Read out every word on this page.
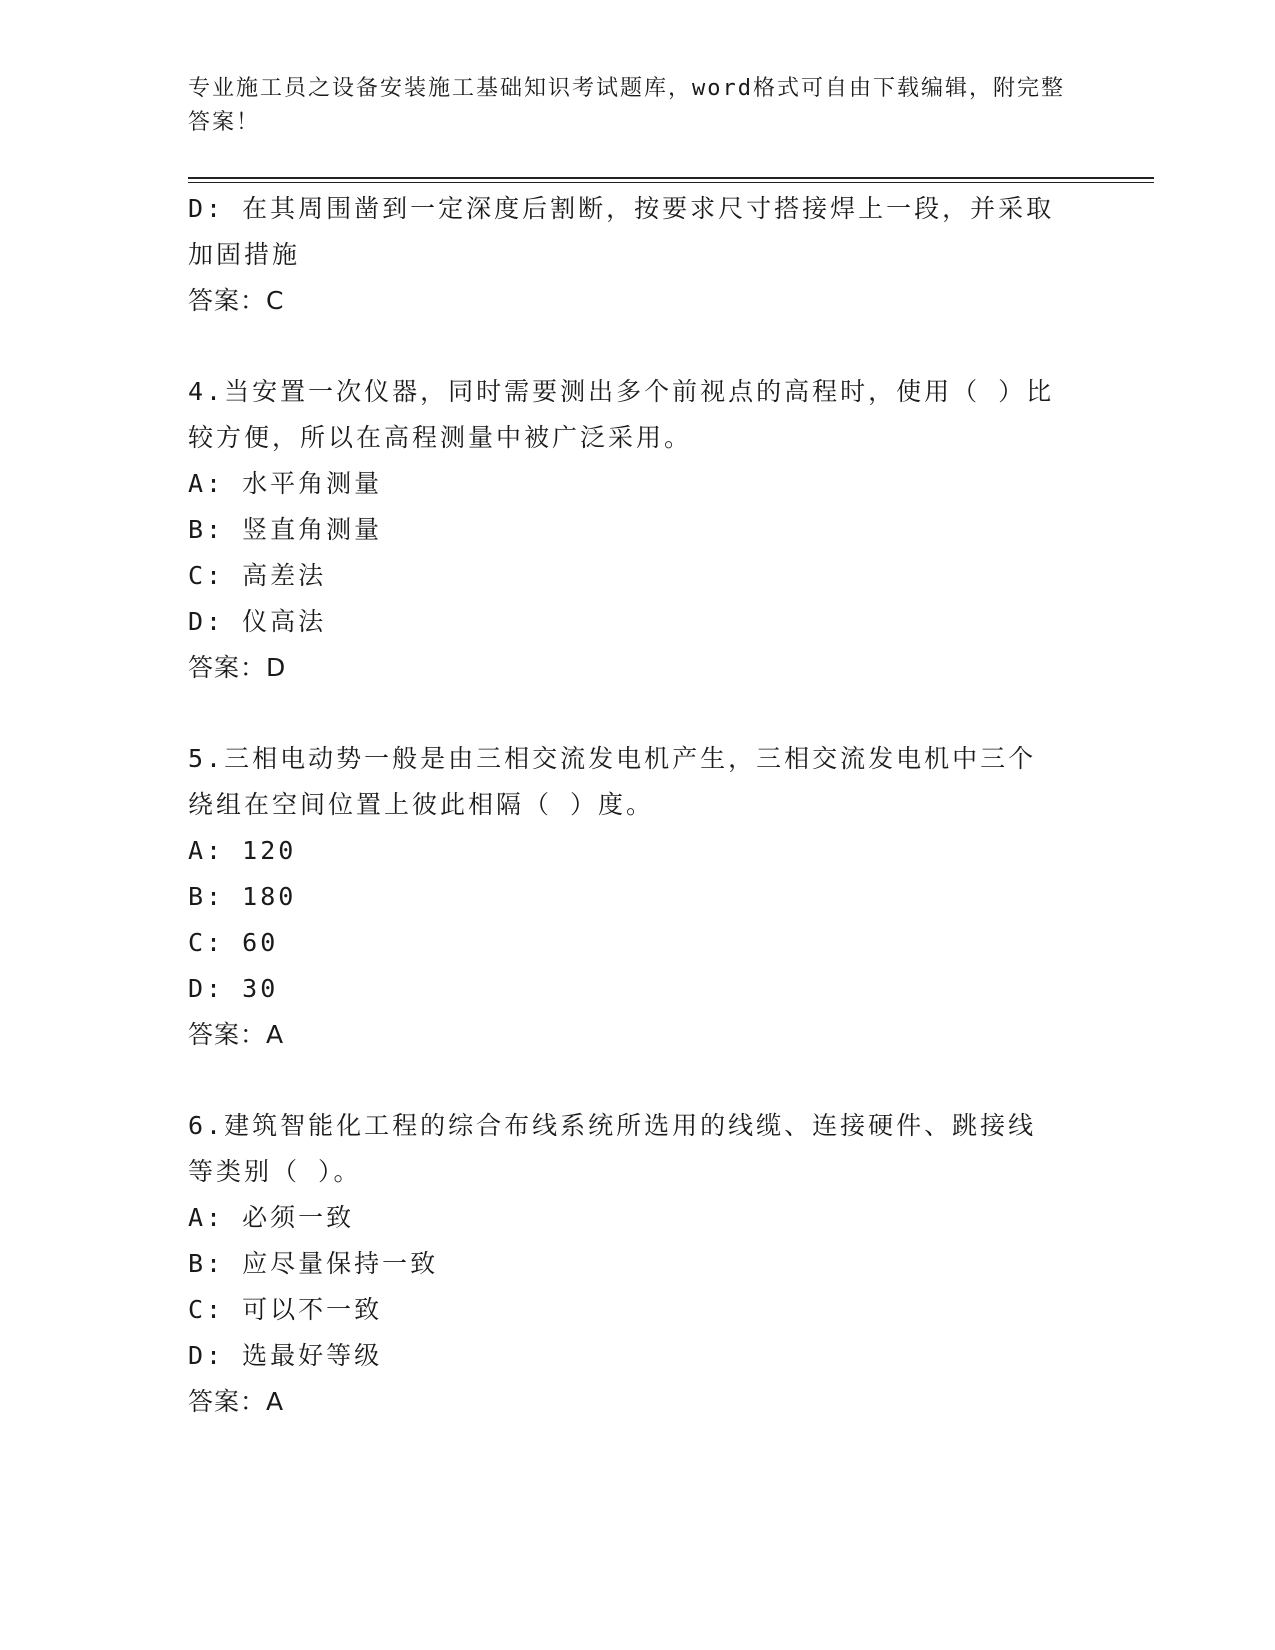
专业施工员之设备安装施工基础知识考试题库，word格式可自由下载编辑，附完整答案！
D: 在其周围凿到一定深度后割断，按要求尺寸搭接焊上一段，并采取
加固措施
答案：C
4.当安置一次仪器，同时需要测出多个前视点的高程时，使用（ ）比
较方便，所以在高程测量中被广泛采用。
A: 水平角测量
B: 竖直角测量
C: 高差法
D: 仪高法
答案：D
5.三相电动势一般是由三相交流发电机产生，三相交流发电机中三个
绕组在空间位置上彼此相隔（ ）度。
A: 120
B: 180
C: 60
D: 30
答案：A
6.建筑智能化工程的综合布线系统所选用的线缆、连接硬件、跳接线
等类别（ ）。
A: 必须一致
B: 应尽量保持一致
C: 可以不一致
D: 选最好等级
答案：A
